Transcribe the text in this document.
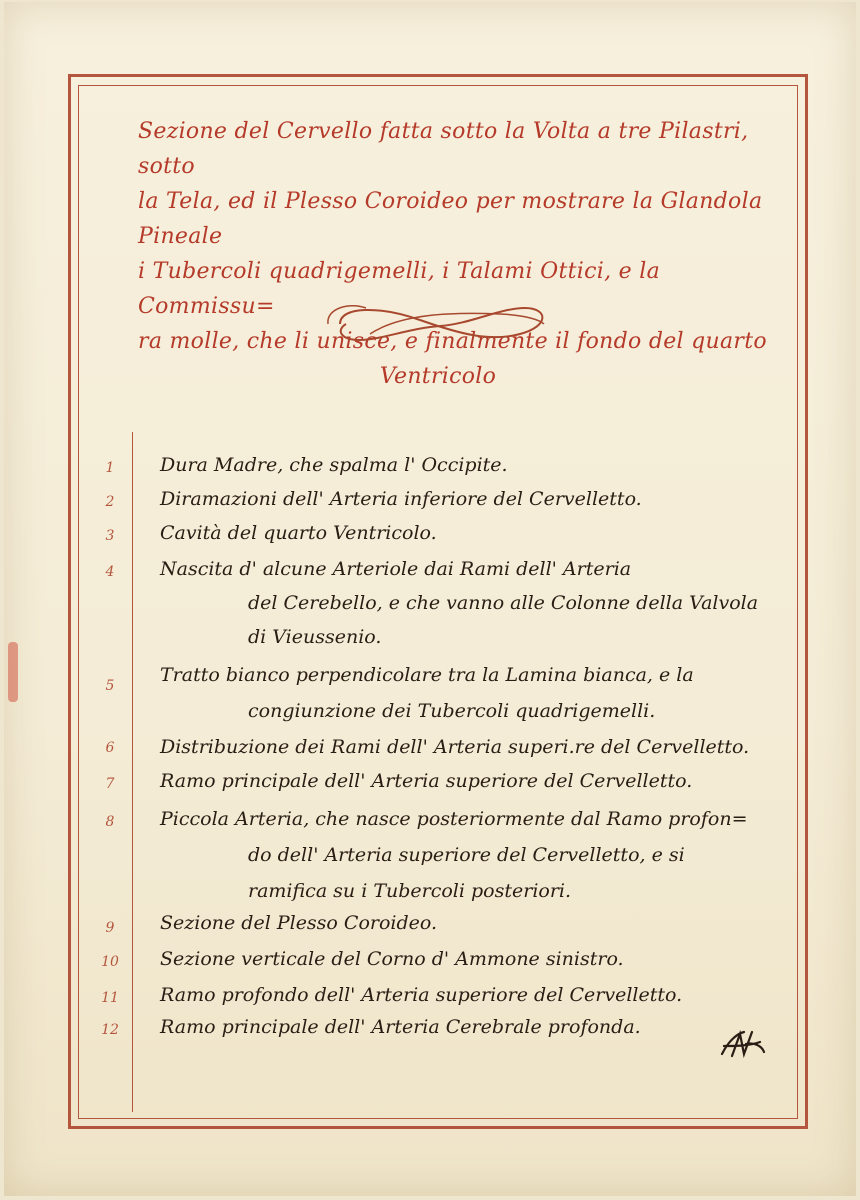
Sezione del Cervello fatta sotto la Volta a tre Pilastri, sotto
la Tela, ed il Plesso Coroideo per mostrare la Glandola Pineale
i Tubercoli quadrigemelli, i Talami Ottici, e la Commissu=
ra molle, che li unisce, e finalmente il fondo del quarto
Ventricolo
1	Dura Madre, che spalma l' Occipite.
2	Diramazioni dell' Arteria inferiore del Cervelletto.
3	Cavità del quarto Ventricolo.
4	Nascita d' alcune Arteriole dai Rami dell' Arteria
del Cerebello, e che vanno alle Colonne della Valvola
di Vieussenio.
5	Tratto bianco perpendicolare tra la Lamina bianca, e la
congiunzione dei Tubercoli quadrigemelli.
6	Distribuzione dei Rami dell' Arteria superi.re del Cervelletto.
7	Ramo principale dell' Arteria superiore del Cervelletto.
8	Piccola Arteria, che nasce posteriormente dal Ramo profon=
do dell' Arteria superiore del Cervelletto, e si
ramifica su i Tubercoli posteriori.
9	Sezione del Plesso Coroideo.
10	Sezione verticale del Corno d' Ammone sinistro.
11	Ramo profondo dell' Arteria superiore del Cervelletto.
12	Ramo principale dell' Arteria Cerebrale profonda.
